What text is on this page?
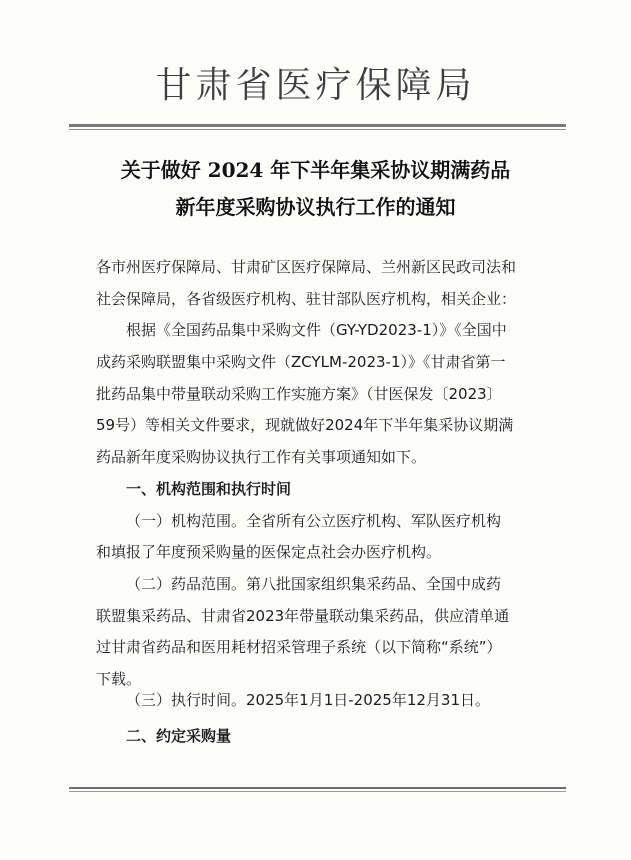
甘肃省医疗保障局
关于做好 2024 年下半年集采协议期满药品
新年度采购协议执行工作的通知
各市州医疗保障局、甘肃矿区医疗保障局、兰州新区民政司法和
社会保障局，各省级医疗机构、驻甘部队医疗机构，相关企业：
根据《全国药品集中采购文件（GY-YD2023-1）》《全国中
成药采购联盟集中采购文件（ZCYLM-2023-1）》《甘肃省第一
批药品集中带量联动采购工作实施方案》（甘医保发〔2023〕
59号）等相关文件要求，现就做好2024年下半年集采协议期满
药品新年度采购协议执行工作有关事项通知如下。
一、机构范围和执行时间
（一）机构范围。全省所有公立医疗机构、军队医疗机构
和填报了年度预采购量的医保定点社会办医疗机构。
（二）药品范围。第八批国家组织集采药品、全国中成药
联盟集采药品、甘肃省2023年带量联动集采药品，供应清单通
过甘肃省药品和医用耗材招采管理子系统（以下简称“系统”）
下载。
（三）执行时间。2025年1月1日-2025年12月31日。
二、约定采购量
